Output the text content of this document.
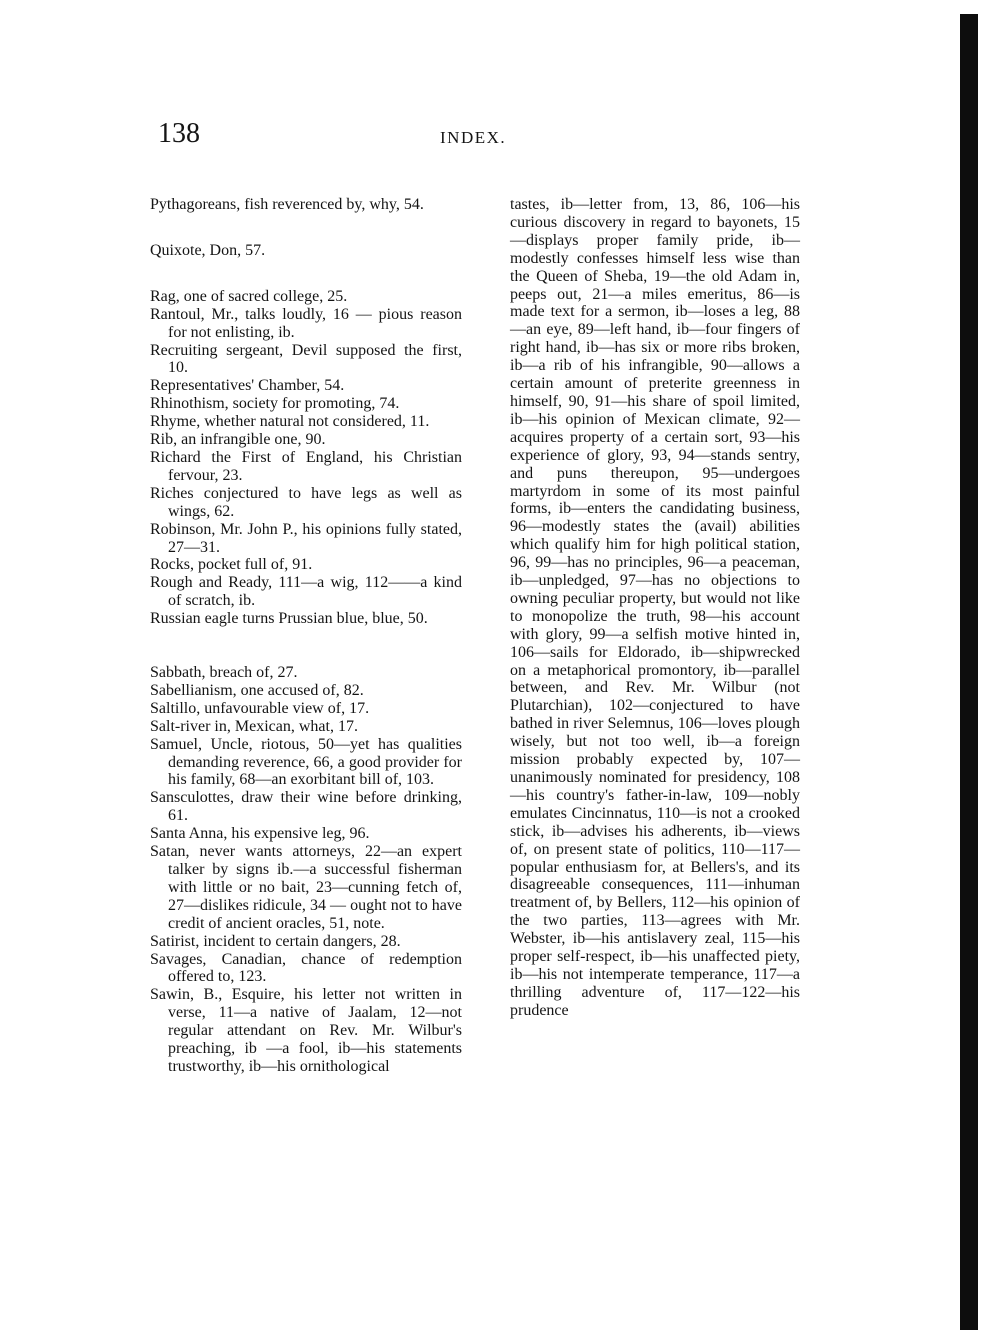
138	INDEX.

Pythagoreans, fish reverenced by, why, 54.

Quixote, Don, 57.

Rag, one of sacred college, 25.

Rantoul, Mr., talks loudly, 16 — pious reason for not enlisting, ib.

Recruiting sergeant, Devil supposed the first, 10.

Representatives' Chamber, 54.

Rhinothism, society for promoting, 74.

Rhyme, whether natural not considered, 11.

Rib, an infrangible one, 90.

Richard the First of England, his Christian fervour, 23.

Riches conjectured to have legs as well as wings, 62.

Robinson, Mr. John P., his opinions fully stated, 27—31.

Rocks, pocket full of, 91.

Rough and Ready, 111—a wig, 112——a kind of scratch, ib.

Russian eagle turns Prussian blue, blue, 50.

Sabbath, breach of, 27.

Sabellianism, one accused of, 82.

Saltillo, unfavourable view of, 17.

Salt-river in, Mexican, what, 17.

Samuel, Uncle, riotous, 50—yet has qualities demanding reverence, 66, a good provider for his family, 68—an exorbitant bill of, 103.

Sansculottes, draw their wine before drinking, 61.

Santa Anna, his expensive leg, 96.

Satan, never wants attorneys, 22—an expert talker by signs ib.—a successful fisherman with little or no bait, 23—cunning fetch of, 27—dislikes ridicule, 34 — ought not to have credit of ancient oracles, 51, note.

Satirist, incident to certain dangers, 28.

Savages, Canadian, chance of redemption offered to, 123.

Sawin, B., Esquire, his letter not written in verse, 11—a native of Jaalam, 12—not regular attendant on Rev. Mr. Wilbur's preaching, ib —a fool, ib—his statements trustworthy, ib—his ornithological

tastes, ib—letter from, 13, 86, 106—his curious discovery in regard to bayonets, 15—displays proper family pride, ib—modestly confesses himself less wise than the Queen of Sheba, 19—the old Adam in, peeps out, 21—a miles emeritus, 86—is made text for a sermon, ib—loses a leg, 88—an eye, 89—left hand, ib—four fingers of right hand, ib—has six or more ribs broken, ib—a rib of his infrangible, 90—allows a certain amount of preterite greenness in himself, 90, 91—his share of spoil limited, ib—his opinion of Mexican climate, 92—acquires property of a certain sort, 93—his experience of glory, 93, 94—stands sentry, and puns thereupon, 95—undergoes martyrdom in some of its most painful forms, ib—enters the candidating business, 96—modestly states the (avail) abilities which qualify him for high political station, 96, 99—has no principles, 96—a peaceman, ib—unpledged, 97—has no objections to owning peculiar property, but would not like to monopolize the truth, 98—his account with glory, 99—a selfish motive hinted in, 106—sails for Eldorado, ib—shipwrecked on a metaphorical promontory, ib—parallel between, and Rev. Mr. Wilbur (not Plutarchian), 102—conjectured to have bathed in river Selemnus, 106—loves plough wisely, but not too well, ib—a foreign mission probably expected by, 107—unanimously nominated for presidency, 108—his country's father-in-law, 109—nobly emulates Cincinnatus, 110—is not a crooked stick, ib—advises his adherents, ib—views of, on present state of politics, 110—117—popular enthusiasm for, at Bellers's, and its disagreeable consequences, 111—inhuman treatment of, by Bellers, 112—his opinion of the two parties, 113—agrees with Mr. Webster, ib—his antislavery zeal, 115—his proper self-respect, ib—his unaffected piety, ib—his not intemperate temperance, 117—a thrilling adventure of, 117—122—his prudence
